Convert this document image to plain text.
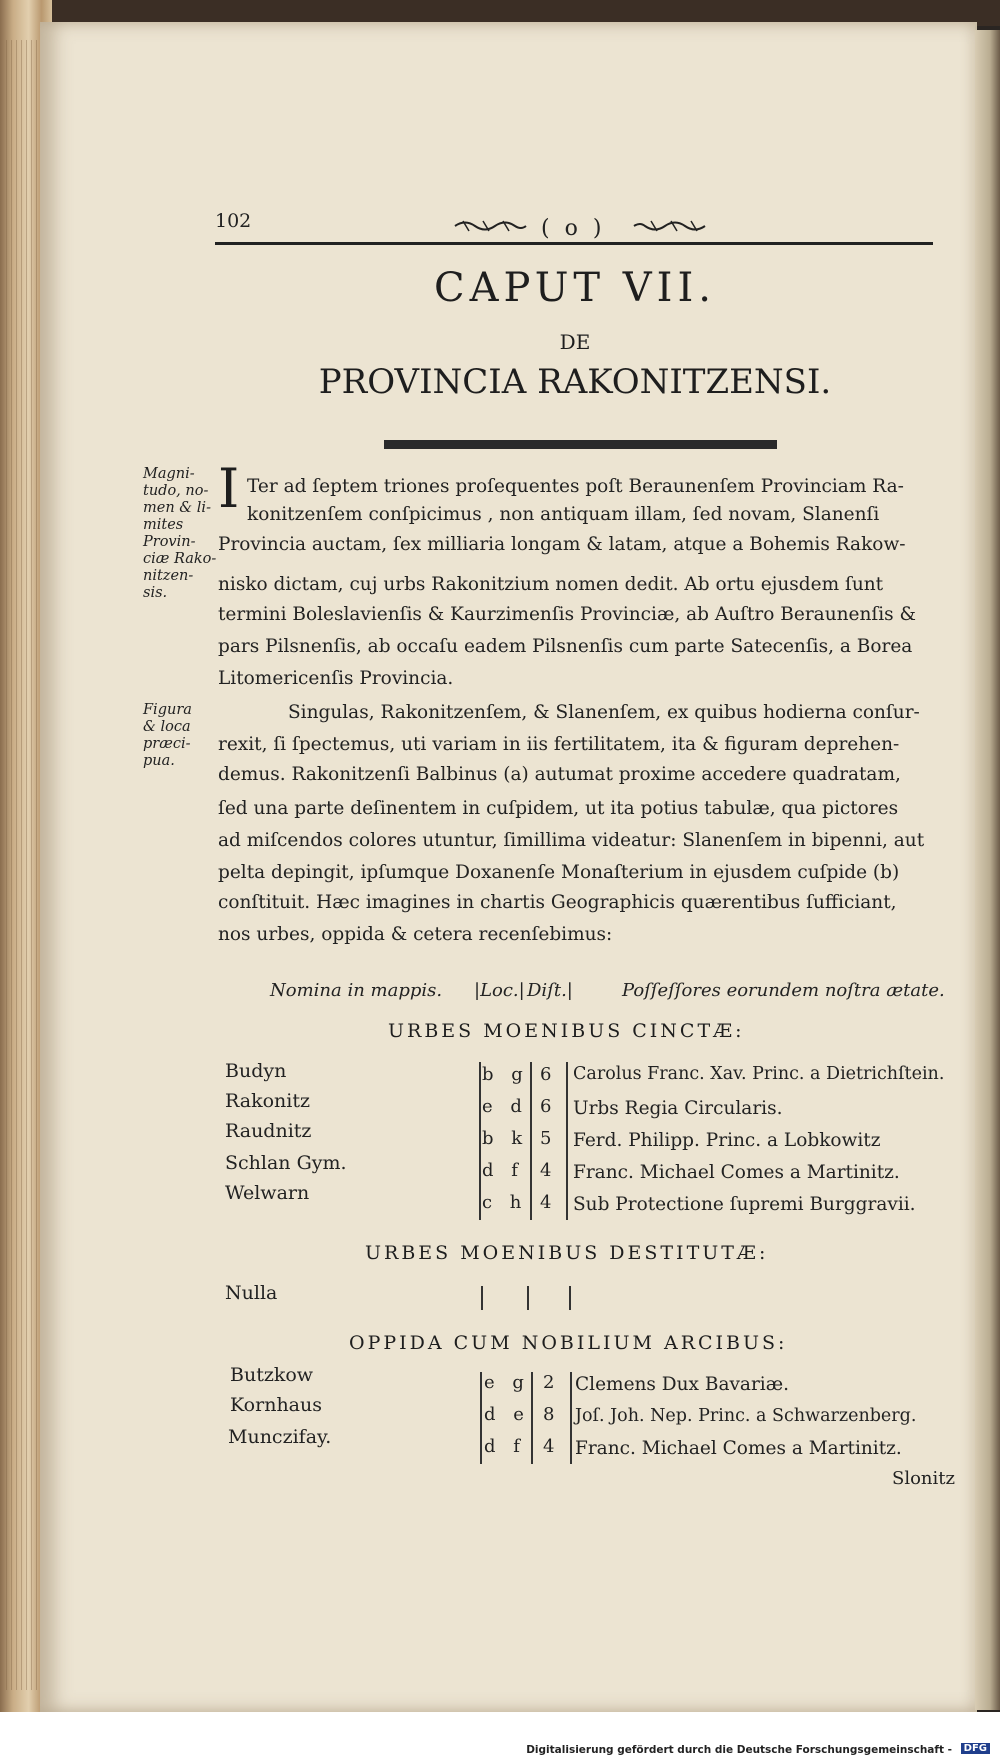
102	( o )
CAPUT VII.
DE
PROVINCIA RAKONITZENSI.
Magni-
tudo, no-
men & li-
mites
Provin-
ciæ Rako-
nitzen-
sis.
Figura
& loca
præci-
pua.
I Ter ad ſeptem triones proſequentes poſt Beraunenſem Provinciam Ra-
konitzenſem conſpicimus , non antiquam illam, ſed novam, Slanenſi
Provincia auctam, ſex milliaria longam & latam, atque a Bohemis Rakow-
nisko dictam, cuj urbs Rakonitzium nomen dedit. Ab ortu ejusdem ſunt
termini Boleslavienſis & Kaurzimenſis Provinciæ, ab Auſtro Beraunenſis &
pars Pilsnenſis, ab occaſu eadem Pilsnenſis cum parte Satecenſis, a Borea
Litomericenſis Provincia.
Singulas, Rakonitzenſem, & Slanenſem, ex quibus hodierna conſur-
rexit, ſi ſpectemus, uti variam in iis fertilitatem, ita & figuram deprehen-
demus. Rakonitzenſi Balbinus (a) autumat proxime accedere quadratam,
ſed una parte deſinentem in cuſpidem, ut ita potius tabulæ, qua pictores
ad miſcendos colores utuntur, ſimillima videatur: Slanenſem in bipenni, aut
pelta depingit, ipſumque Doxanenſe Monaſterium in ejusdem cuſpide (b)
conſtituit. Hæc imagines in chartis Geographicis quærentibus ſufficiant,
nos urbes, oppida & cetera recenſebimus:
Nomina in mappis. |Loc.| Diſt.|	Poſſeſſores eorundem noſtra ætate.
URBES MOENIBUS CINCTÆ:
Budyn	b g 6 Carolus Franc. Xav. Princ. a Dietrichſtein.
Rakonitz	e d 6 Urbs Regia Circularis.
Raudnitz	b k 5 Ferd. Philipp. Princ. a Lobkowitz
Schlan Gym.	d f 4 Franc. Michael Comes a Martinitz.
Welwarn	c h 4 Sub Protectione ſupremi Burggravii.
URBES MOENIBUS DESTITUTÆ:
Nulla
OPPIDA CUM NOBILIUM ARCIBUS:
Butzkow	e g 2 Clemens Dux Bavariæ.
Kornhaus	d e 8 Joſ. Joh. Nep. Princ. a Schwarzenberg.
Munczifay.	d f 4 Franc. Michael Comes a Martinitz.
Slonitz
Digitalisierung gefördert durch die Deutsche Forschungsgemeinschaft -	DFG
